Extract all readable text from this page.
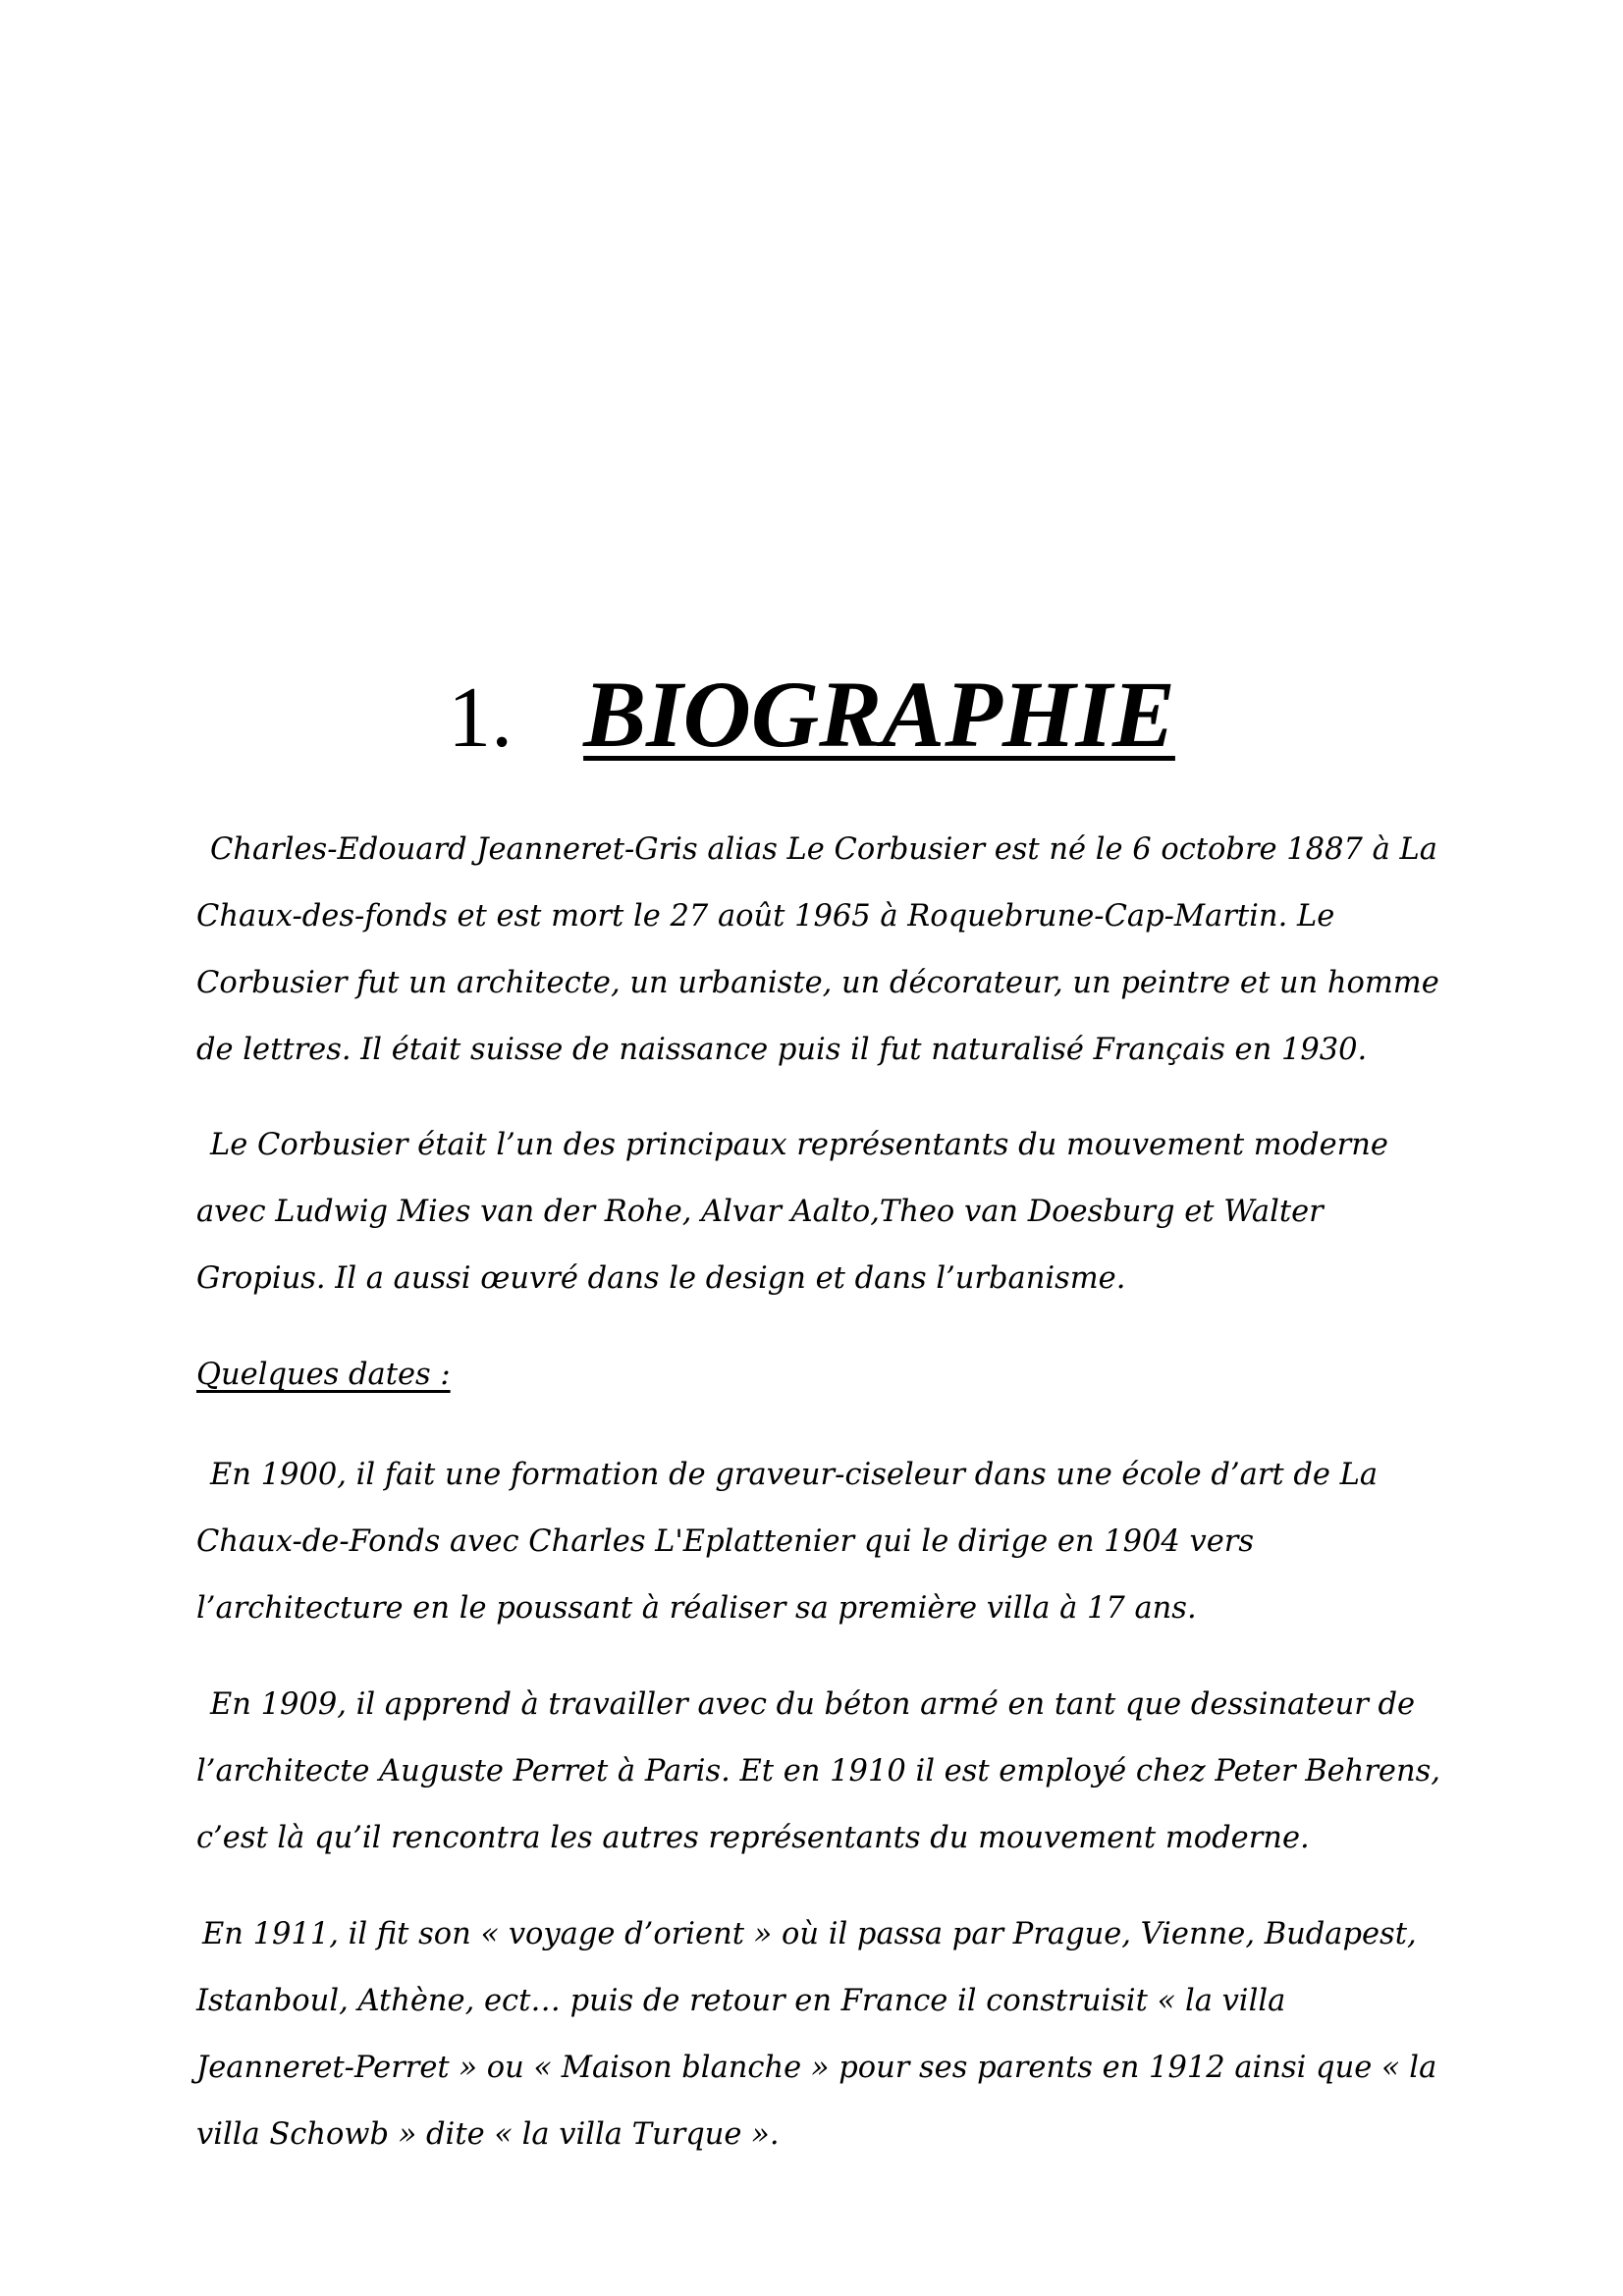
1. BIOGRAPHIE

Charles-Edouard Jeanneret-Gris alias Le Corbusier est né le 6 octobre 1887 à La Chaux-des-fonds et est mort le 27 août 1965 à Roquebrune-Cap-Martin. Le Corbusier fut un architecte, un urbaniste, un décorateur, un peintre et un homme de lettres. Il était suisse de naissance puis il fut naturalisé Français en 1930.

Le Corbusier était l’un des principaux représentants du mouvement moderne avec Ludwig Mies van der Rohe, Alvar Aalto,Theo van Doesburg et Walter Gropius. Il a aussi œuvré dans le design et dans l’urbanisme.

Quelques dates :

En 1900, il fait une formation de graveur-ciseleur dans une école d’art de La Chaux-de-Fonds avec Charles L'Eplattenier qui le dirige en 1904 vers l’architecture en le poussant à réaliser sa première villa à 17 ans.

En 1909, il apprend à travailler avec du béton armé en tant que dessinateur de l’architecte Auguste Perret à Paris. Et en 1910 il est employé chez Peter Behrens, c’est là qu’il rencontra les autres représentants du mouvement moderne.

En 1911, il fit son « voyage d’orient » où il passa par Prague, Vienne, Budapest, Istanboul, Athène, ect… puis de retour en France il construisit « la villa Jeanneret-Perret » ou « Maison blanche » pour ses parents en 1912 ainsi que « la villa Schowb » dite « la villa Turque ».
